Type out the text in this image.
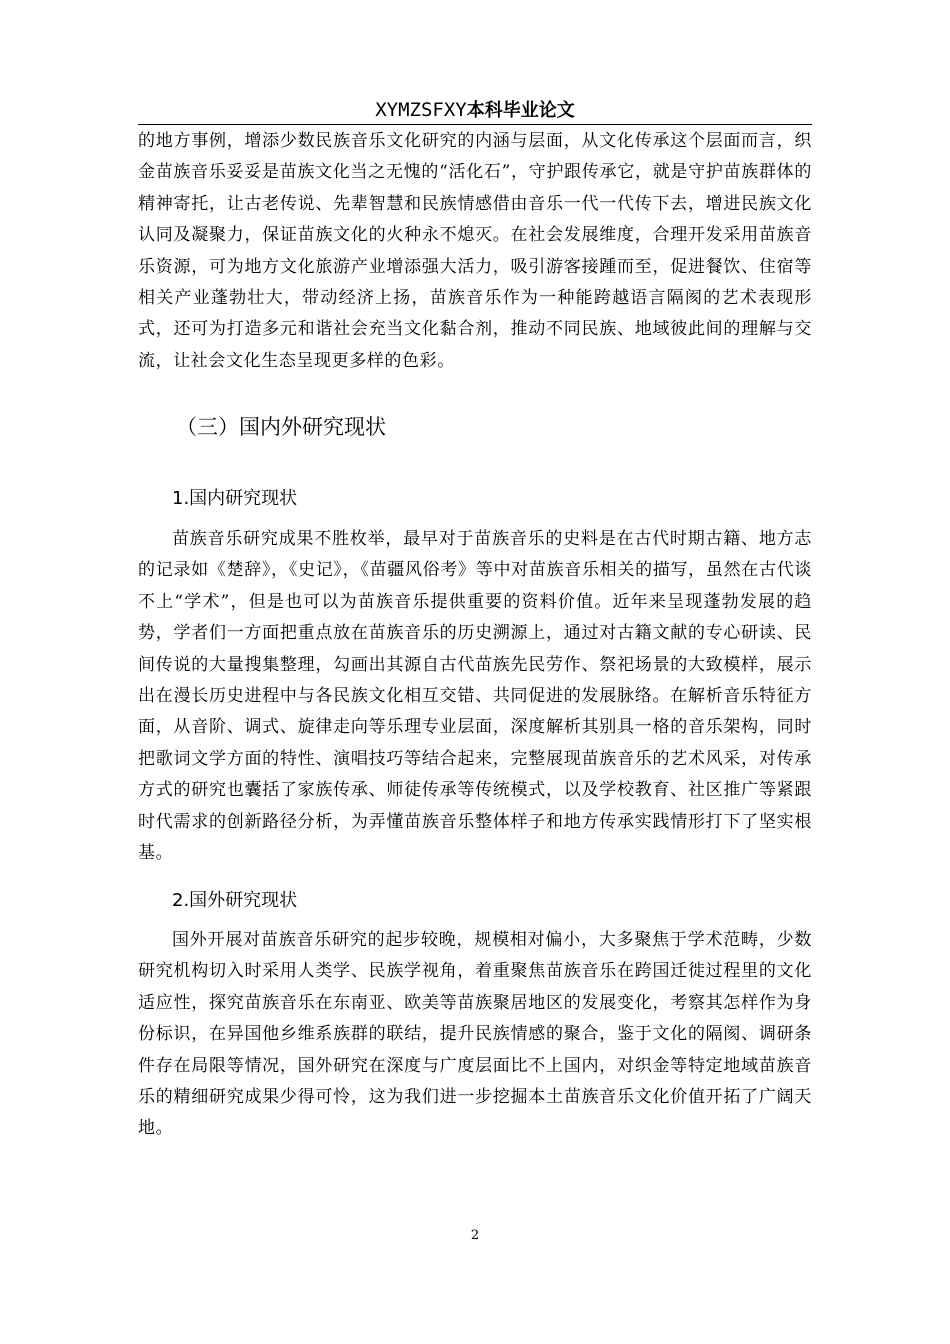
XYMZSFXY本科毕业论文

的地方事例，增添少数民族音乐文化研究的内涵与层面，从文化传承这个层面而言，织金苗族音乐妥妥是苗族文化当之无愧的“活化石”，守护跟传承它，就是守护苗族群体的精神寄托，让古老传说、先辈智慧和民族情感借由音乐一代一代传下去，增进民族文化认同及凝聚力，保证苗族文化的火种永不熄灭。在社会发展维度，合理开发采用苗族音乐资源，可为地方文化旅游产业增添强大活力，吸引游客接踵而至，促进餐饮、住宿等相关产业蓬勃壮大，带动经济上扬，苗族音乐作为一种能跨越语言隔阂的艺术表现形式，还可为打造多元和谐社会充当文化黏合剂，推动不同民族、地域彼此间的理解与交流，让社会文化生态呈现更多样的色彩。

（三）国内外研究现状
1.国内研究现状

苗族音乐研究成果不胜枚举，最早对于苗族音乐的史料是在古代时期古籍、地方志的记录如《楚辞》，《史记》，《苗疆风俗考》等中对苗族音乐相关的描写，虽然在古代谈不上“学术”，但是也可以为苗族音乐提供重要的资料价值。近年来呈现蓬勃发展的趋势，学者们一方面把重点放在苗族音乐的历史溯源上，通过对古籍文献的专心研读、民间传说的大量搜集整理，勾画出其源自古代苗族先民劳作、祭祀场景的大致模样，展示出在漫长历史进程中与各民族文化相互交错、共同促进的发展脉络。在解析音乐特征方面，从音阶、调式、旋律走向等乐理专业层面，深度解析其别具一格的音乐架构，同时把歌词文学方面的特性、演唱技巧等结合起来，完整展现苗族音乐的艺术风采，对传承方式的研究也囊括了家族传承、师徒传承等传统模式，以及学校教育、社区推广等紧跟时代需求的创新路径分析，为弄懂苗族音乐整体样子和地方传承实践情形打下了坚实根基。

2.国外研究现状

国外开展对苗族音乐研究的起步较晚，规模相对偏小，大多聚焦于学术范畴，少数研究机构切入时采用人类学、民族学视角，着重聚焦苗族音乐在跨国迁徙过程里的文化适应性，探究苗族音乐在东南亚、欧美等苗族聚居地区的发展变化，考察其怎样作为身份标识，在异国他乡维系族群的联结，提升民族情感的聚合，鉴于文化的隔阂、调研条件存在局限等情况，国外研究在深度与广度层面比不上国内，对织金等特定地域苗族音乐的精细研究成果少得可怜，这为我们进一步挖掘本土苗族音乐文化价值开拓了广阔天地。

2
